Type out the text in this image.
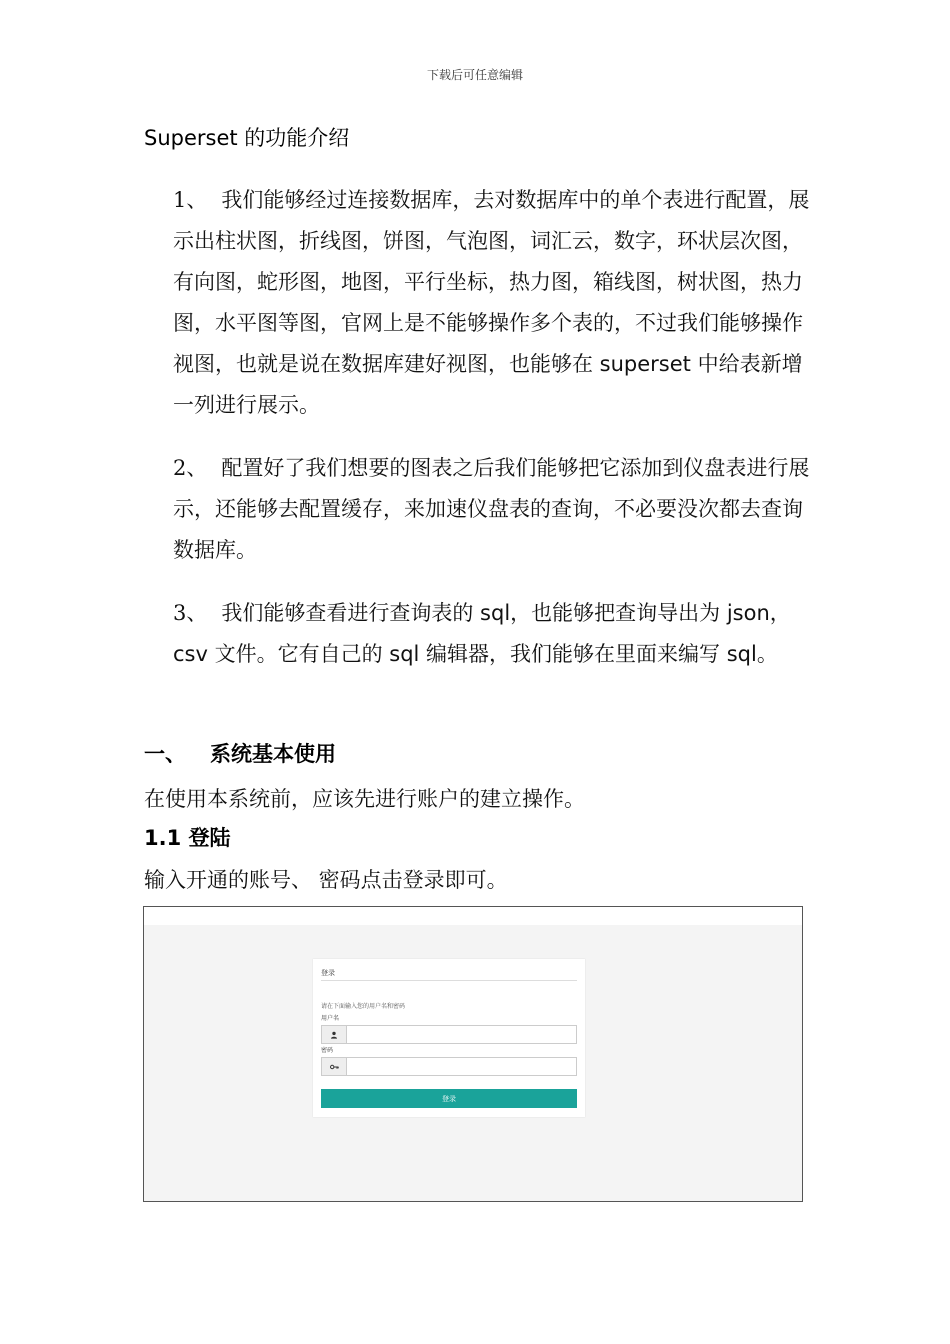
下载后可任意编辑
Superset 的功能介绍

1、 我们能够经过连接数据库，去对数据库中的单个表进行配置，展示出柱状图，折线图，饼图，气泡图，词汇云，数字，环状层次图，有向图，蛇形图，地图，平行坐标，热力图，箱线图，树状图，热力图，水平图等图，官网上是不能够操作多个表的，不过我们能够操作视图，也就是说在数据库建好视图，也能够在 superset 中给表新增一列进行展示。

2、 配置好了我们想要的图表之后我们能够把它添加到仪盘表进行展示，还能够去配置缓存，来加速仪盘表的查询，不必要没次都去查询数据库。

3、 我们能够查看进行查询表的 sql，也能够把查询导出为 json，csv 文件。它有自己的 sql 编辑器，我们能够在里面来编写 sql。

一、 系统基本使用

在使用本系统前，应该先进行账户的建立操作。

1.1 登陆

输入开通的账号、 密码点击登录即可。

登录
请在下面输入您的用户名和密码
用户名
密码
登录
